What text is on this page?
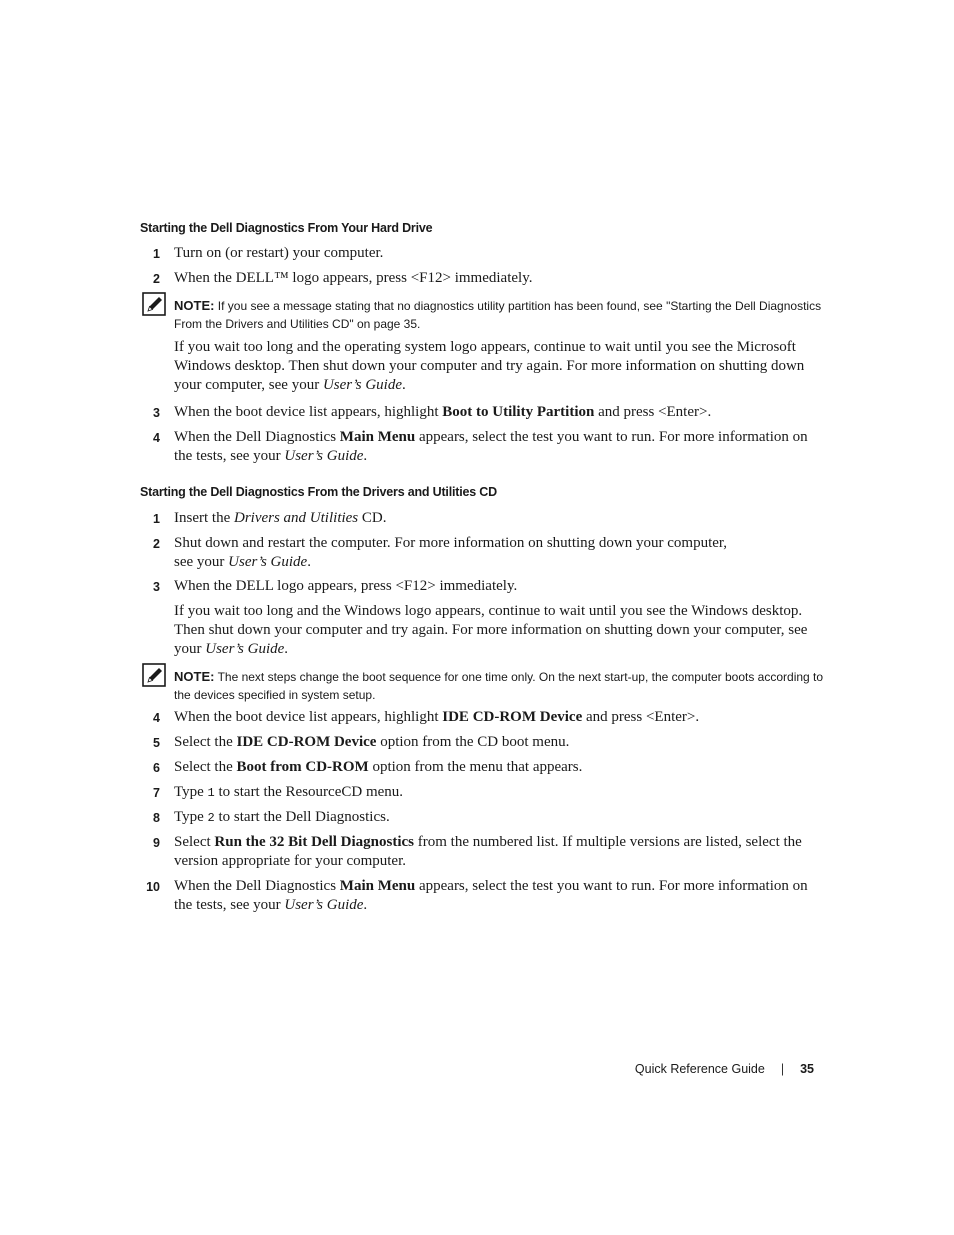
Starting the Dell Diagnostics From Your Hard Drive
1 Turn on (or restart) your computer.
2 When the DELL™ logo appears, press <F12> immediately.
NOTE: If you see a message stating that no diagnostics utility partition has been found, see "Starting the Dell Diagnostics From the Drivers and Utilities CD" on page 35.
If you wait too long and the operating system logo appears, continue to wait until you see the Microsoft Windows desktop. Then shut down your computer and try again. For more information on shutting down your computer, see your User’s Guide.
3 When the boot device list appears, highlight Boot to Utility Partition and press <Enter>.
4 When the Dell Diagnostics Main Menu appears, select the test you want to run. For more information on the tests, see your User’s Guide.
Starting the Dell Diagnostics From the Drivers and Utilities CD
1 Insert the Drivers and Utilities CD.
2 Shut down and restart the computer. For more information on shutting down your computer,
see your User’s Guide.
3 When the DELL logo appears, press <F12> immediately.
If you wait too long and the Windows logo appears, continue to wait until you see the Windows desktop. Then shut down your computer and try again. For more information on shutting down your computer, see your User’s Guide.
NOTE: The next steps change the boot sequence for one time only. On the next start-up, the computer boots according to the devices specified in system setup.
4 When the boot device list appears, highlight IDE CD-ROM Device and press <Enter>.
5 Select the IDE CD-ROM Device option from the CD boot menu.
6 Select the Boot from CD-ROM option from the menu that appears.
7 Type 1 to start the ResourceCD menu.
8 Type 2 to start the Dell Diagnostics.
9 Select Run the 32 Bit Dell Diagnostics from the numbered list. If multiple versions are listed, select the version appropriate for your computer.
10 When the Dell Diagnostics Main Menu appears, select the test you want to run. For more information on the tests, see your User’s Guide.
Quick Reference Guide | 35
